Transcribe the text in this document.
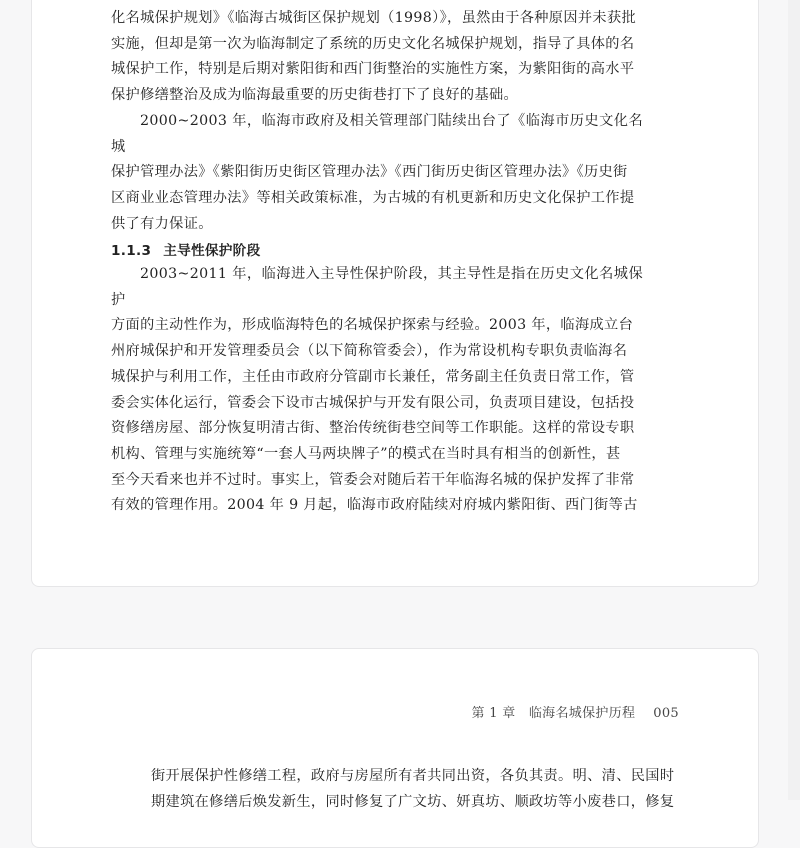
化名城保护规划》《临海古城街区保护规划（1998）》，虽然由于各种原因并未获批

实施，但却是第一次为临海制定了系统的历史文化名城保护规划，指导了具体的名

城保护工作，特别是后期对紫阳街和西门街整治的实施性方案，为紫阳街的高水平

保护修缮整治及成为临海最重要的历史街巷打下了良好的基础。

2000~2003 年，临海市政府及相关管理部门陆续出台了《临海市历史文化名城

保护管理办法》《紫阳街历史街区管理办法》《西门街历史街区管理办法》《历史街

区商业业态管理办法》等相关政策标准，为古城的有机更新和历史文化保护工作提

供了有力保证。

1.1.3 主导性保护阶段

2003~2011 年，临海进入主导性保护阶段，其主导性是指在历史文化名城保护

方面的主动性作为，形成临海特色的名城保护探索与经验。2003 年，临海成立台

州府城保护和开发管理委员会（以下简称管委会），作为常设机构专职负责临海名

城保护与利用工作，主任由市政府分管副市长兼任，常务副主任负责日常工作，管

委会实体化运行，管委会下设市古城保护与开发有限公司，负责项目建设，包括投

资修缮房屋、部分恢复明清古街、整治传统街巷空间等工作职能。这样的常设专职

机构、管理与实施统筹“一套人马两块牌子”的模式在当时具有相当的创新性，甚

至今天看来也并不过时。事实上，管委会对随后若干年临海名城的保护发挥了非常

有效的管理作用。2004 年 9 月起，临海市政府陆续对府城内紫阳街、西门街等古

第 1 章　临海名城保护历程 005

街开展保护性修缮工程，政府与房屋所有者共同出资，各负其责。明、清、民国时

期建筑在修缮后焕发新生，同时修复了广文坊、妍真坊、顺政坊等小废巷口，修复
